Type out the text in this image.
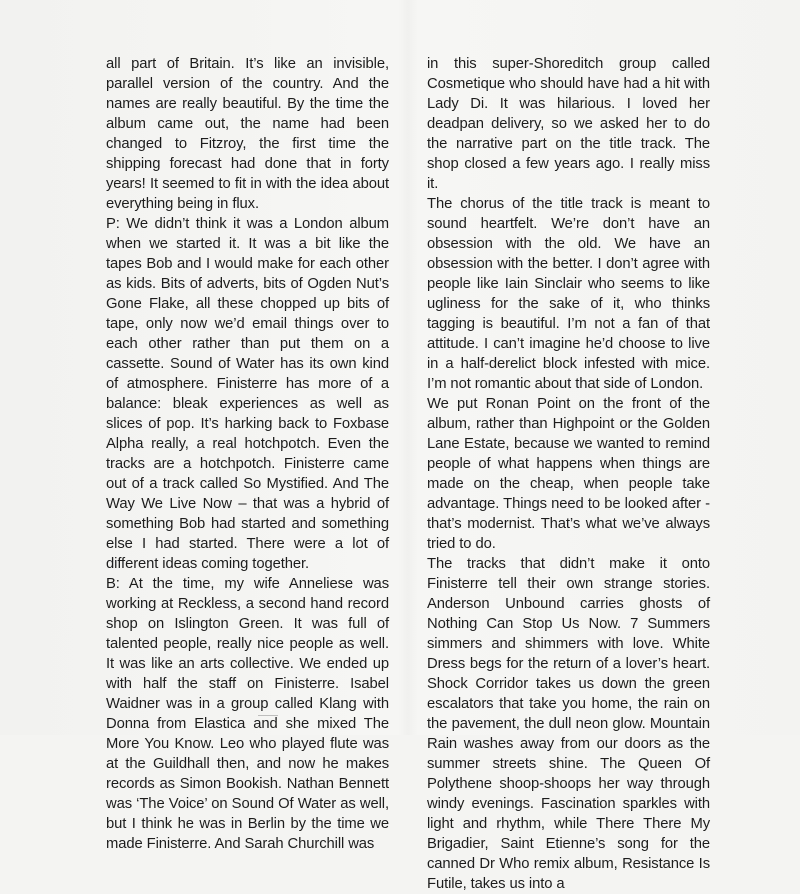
all part of Britain. It’s like an invisible, parallel version of the country. And the names are really beautiful. By the time the album came out, the name had been changed to Fitzroy, the first time the shipping forecast had done that in forty years! It seemed to fit in with the idea about everything being in flux.

P: We didn’t think it was a London album when we started it. It was a bit like the tapes Bob and I would make for each other as kids. Bits of adverts, bits of Ogden Nut’s Gone Flake, all these chopped up bits of tape, only now we’d email things over to each other rather than put them on a cassette. Sound of Water has its own kind of atmosphere. Finisterre has more of a balance: bleak experiences as well as slices of pop. It’s harking back to Foxbase Alpha really, a real hotchpotch. Even the tracks are a hotchpotch. Finisterre came out of a track called So Mystified. And The Way We Live Now – that was a hybrid of something Bob had started and something else I had started. There were a lot of different ideas coming together.

B: At the time, my wife Anneliese was working at Reckless, a second hand record shop on Islington Green. It was full of talented people, really nice people as well. It was like an arts collective. We ended up with half the staff on Finisterre. Isabel Waidner was in a group called Klang with Donna from Elastica and she mixed The More You Know. Leo who played flute was at the Guildhall then, and now he makes records as Simon Bookish. Nathan Bennett was ‘The Voice’ on Sound Of Water as well, but I think he was in Berlin by the time we made Finisterre. And Sarah Churchill was

in this super-Shoreditch group called Cosmetique who should have had a hit with Lady Di. It was hilarious. I loved her deadpan delivery, so we asked her to do the narrative part on the title track. The shop closed a few years ago. I really miss it.

The chorus of the title track is meant to sound heartfelt. We’re don’t have an obsession with the old. We have an obsession with the better. I don’t agree with people like Iain Sinclair who seems to like ugliness for the sake of it, who thinks tagging is beautiful. I’m not a fan of that attitude. I can’t imagine he’d choose to live in a half-derelict block infested with mice. I’m not romantic about that side of London.

We put Ronan Point on the front of the album, rather than Highpoint or the Golden Lane Estate, because we wanted to remind people of what happens when things are made on the cheap, when people take advantage. Things need to be looked after - that’s modernist. That’s what we’ve always tried to do.

The tracks that didn’t make it onto Finisterre tell their own strange stories. Anderson Unbound carries ghosts of Nothing Can Stop Us Now. 7 Summers simmers and shimmers with love. White Dress begs for the return of a lover’s heart. Shock Corridor takes us down the green escalators that take you home, the rain on the pavement, the dull neon glow. Mountain Rain washes away from our doors as the summer streets shine. The Queen Of Polythene shoop-shoops her way through windy evenings. Fascination sparkles with light and rhythm, while There There My Brigadier, Saint Etienne’s song for the canned Dr Who remix album, Resistance Is Futile, takes us into a
